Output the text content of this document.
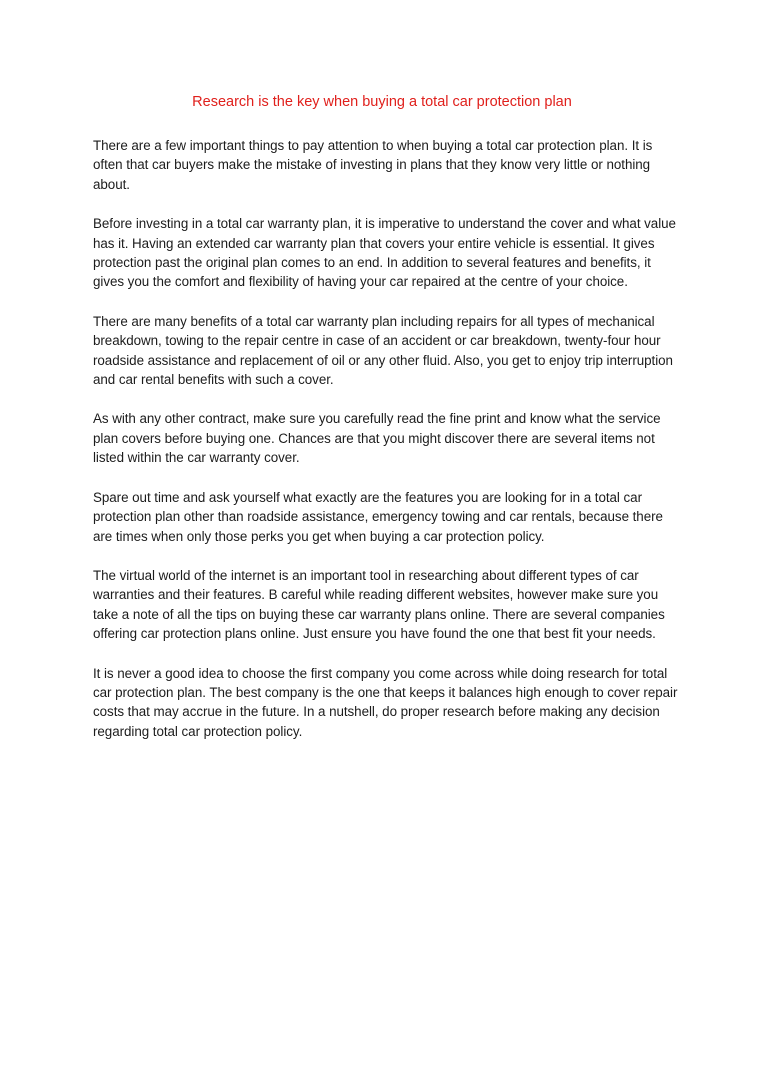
Research is the key when buying a total car protection plan

There are a few important things to pay attention to when buying a total car protection plan. It is often that car buyers make the mistake of investing in plans that they know very little or nothing about.

Before investing in a total car warranty plan, it is imperative to understand the cover and what value has it. Having an extended car warranty plan that covers your entire vehicle is essential. It gives protection past the original plan comes to an end. In addition to several features and benefits, it gives you the comfort and flexibility of having your car repaired at the centre of your choice.

There are many benefits of a total car warranty plan including repairs for all types of mechanical breakdown, towing to the repair centre in case of an accident or car breakdown, twenty-four hour roadside assistance and replacement of oil or any other fluid. Also, you get to enjoy trip interruption and car rental benefits with such a cover.

As with any other contract, make sure you carefully read the fine print and know what the service plan covers before buying one. Chances are that you might discover there are several items not listed within the car warranty cover.

Spare out time and ask yourself what exactly are the features you are looking for in a total car protection plan other than roadside assistance, emergency towing and car rentals, because there are times when only those perks you get when buying a car protection policy.

The virtual world of the internet is an important tool in researching about different types of car warranties and their features. B careful while reading different websites, however make sure you take a note of all the tips on buying these car warranty plans online. There are several companies offering car protection plans online. Just ensure you have found the one that best fit your needs.

It is never a good idea to choose the first company you come across while doing research for total car protection plan. The best company is the one that keeps it balances high enough to cover repair costs that may accrue in the future. In a nutshell, do proper research before making any decision regarding total car protection policy.
